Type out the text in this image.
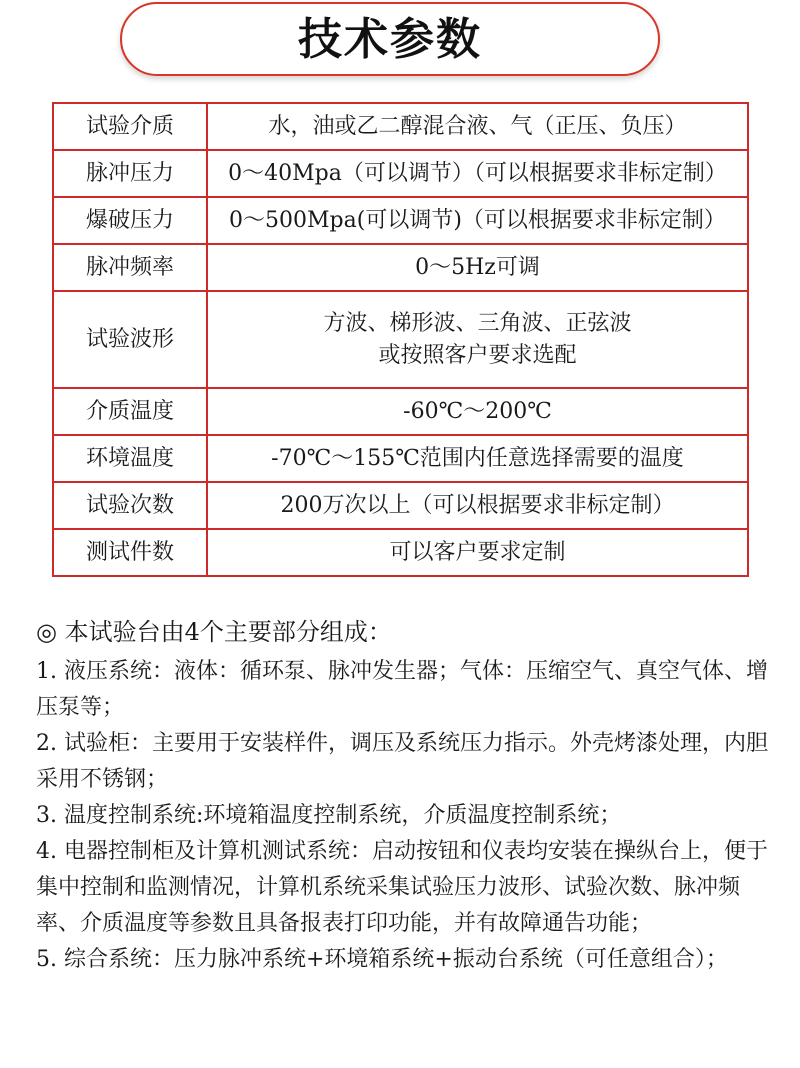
技术参数
试验介质	水，油或乙二醇混合液、气（正压、负压）
脉冲压力	0～40Mpa（可以调节）（可以根据要求非标定制）
爆破压力	0～500Mpa(可以调节)（可以根据要求非标定制）
脉冲频率	0～5Hz可调
试验波形	方波、梯形波、三角波、正弦波
或按照客户要求选配

介质温度	-60℃～200℃
环境温度	-70℃～155℃范围内任意选择需要的温度
试验次数	200万次以上（可以根据要求非标定制）
测试件数	可以客户要求定制
◎ 本试验台由4个主要部分组成：

1. 液压系统：液体：循环泵、脉冲发生器；气体：压缩空气、真空气体、增压泵等；

2. 试验柜：主要用于安装样件，调压及系统压力指示。外壳烤漆处理，内胆采用不锈钢；

3. 温度控制系统:环境箱温度控制系统，介质温度控制系统；

4. 电器控制柜及计算机测试系统：启动按钮和仪表均安装在操纵台上，便于集中控制和监测情况，计算机系统采集试验压力波形、试验次数、脉冲频率、介质温度等参数且具备报表打印功能，并有故障通告功能；

5. 综合系统：压力脉冲系统+环境箱系统+振动台系统（可任意组合）；
